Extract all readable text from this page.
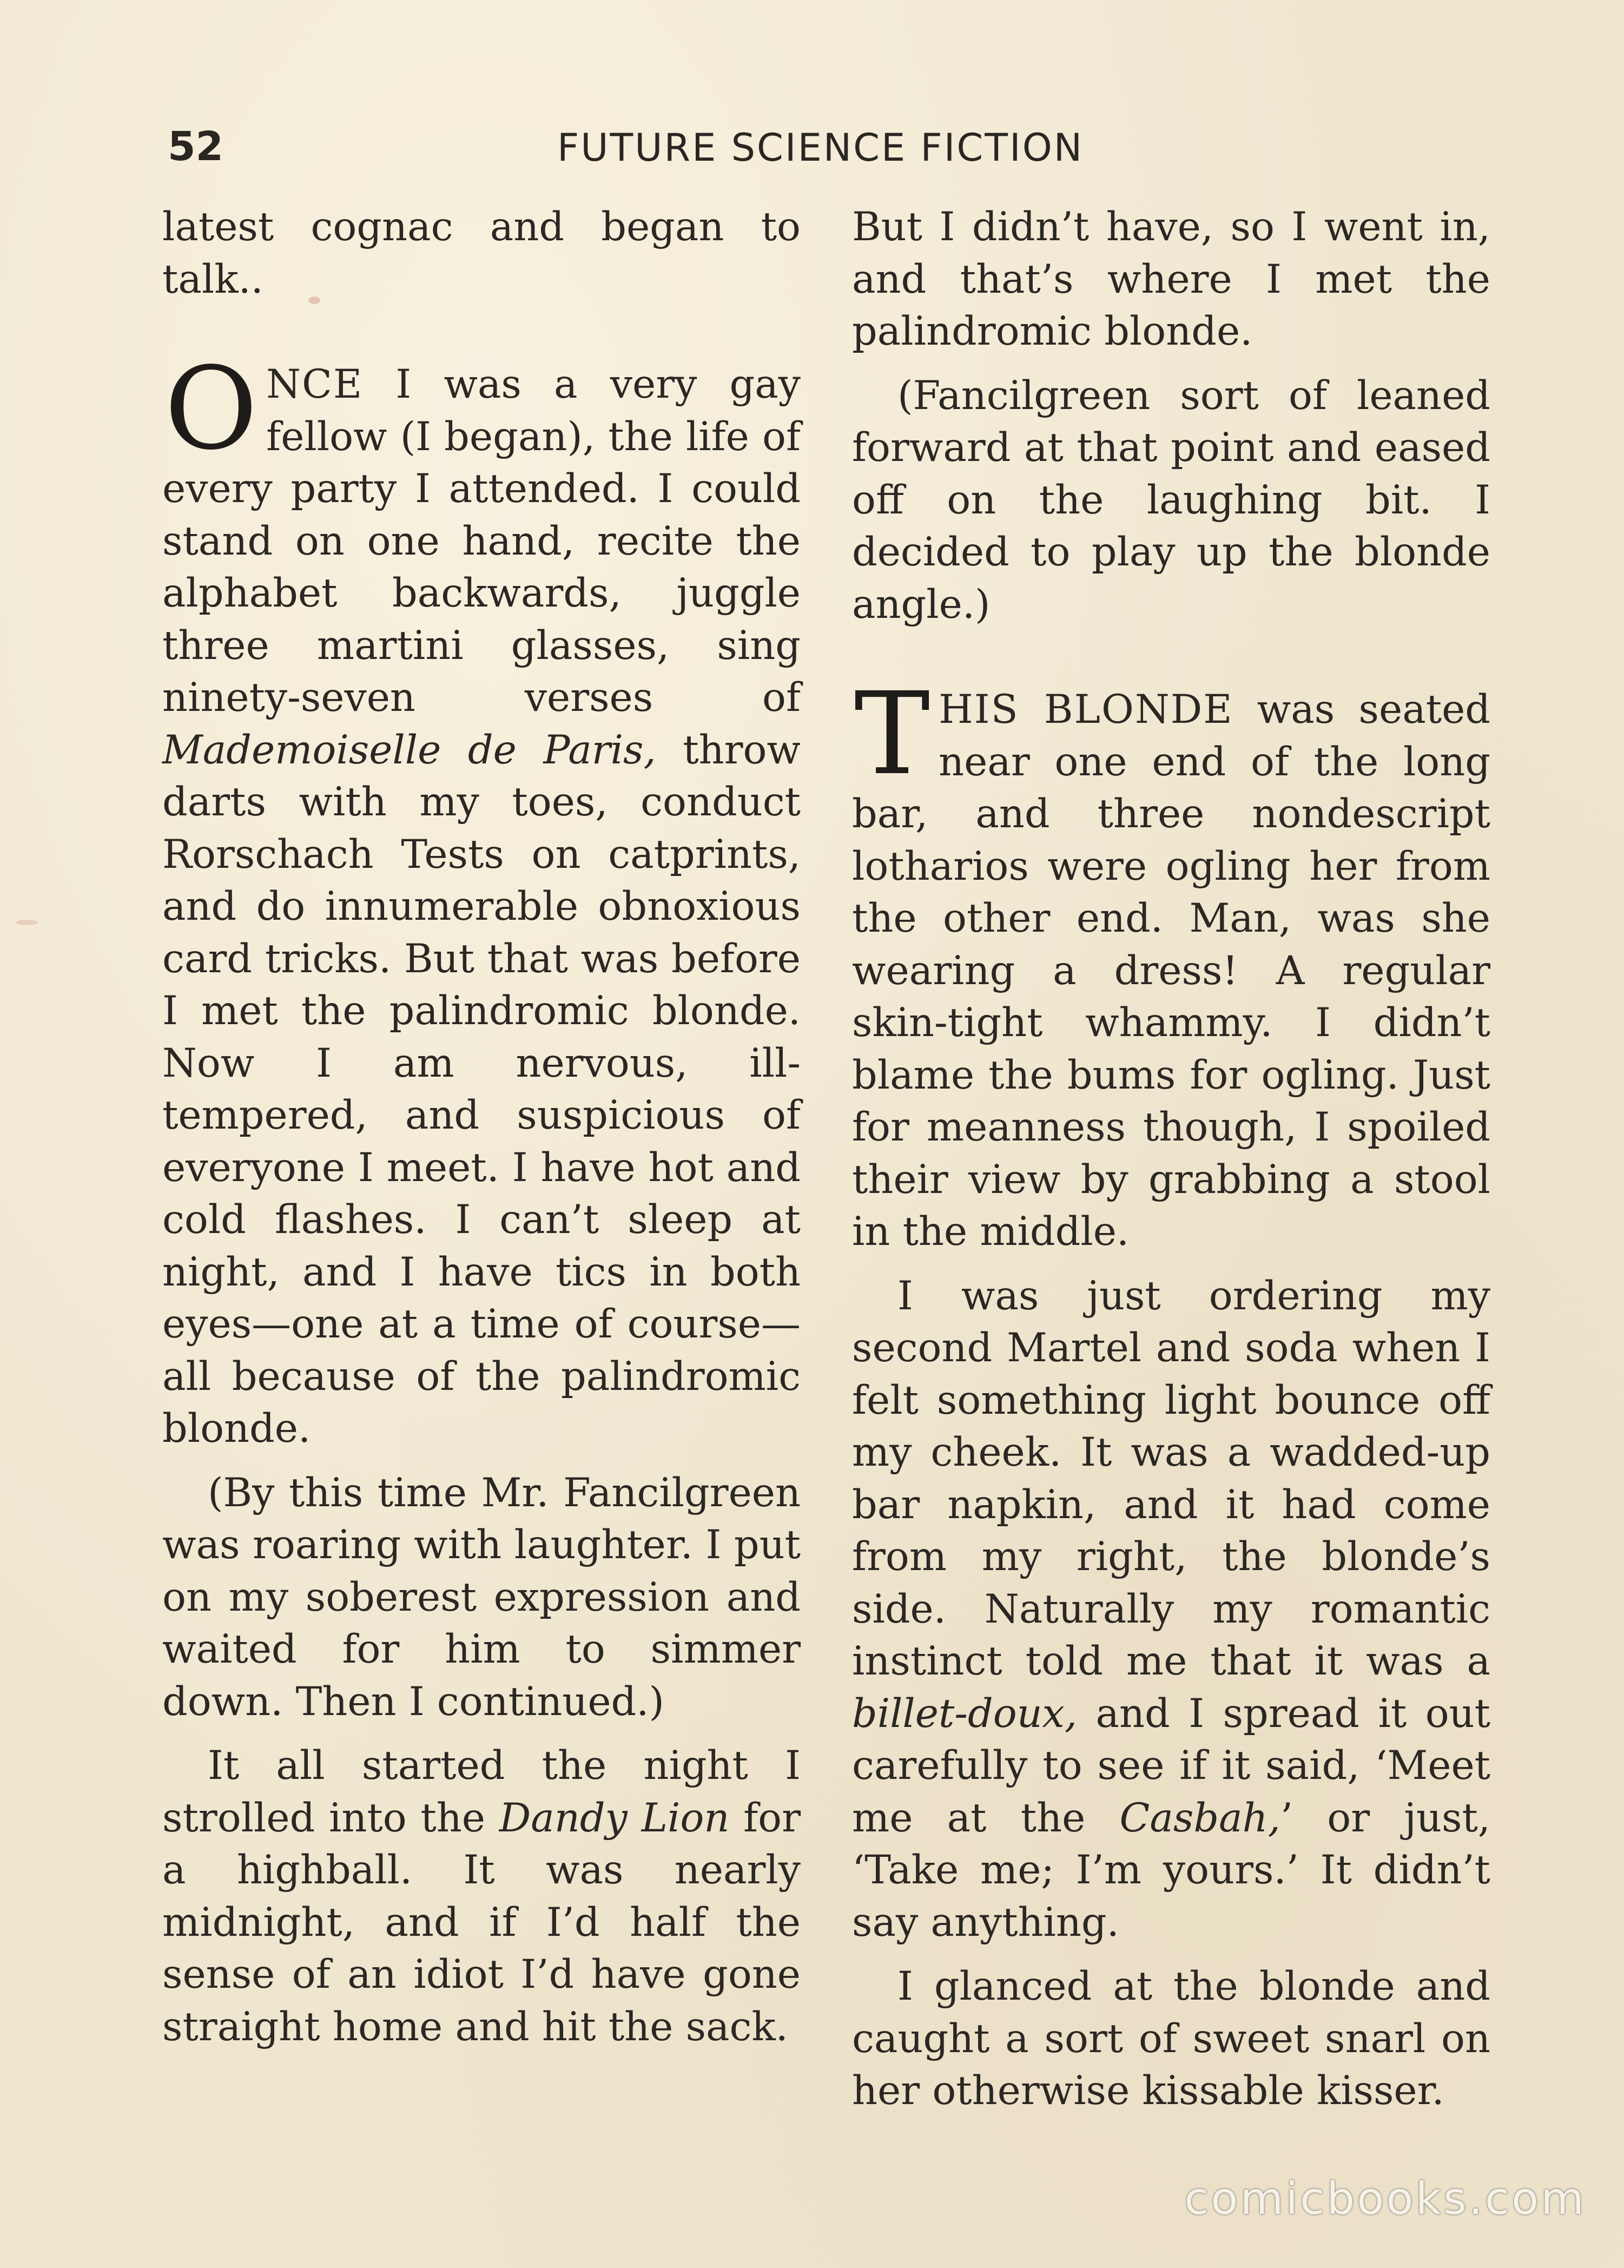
52	FUTURE SCIENCE FICTION

latest cognac and began to talk..

ONCE I was a very gay fellow (I began), the life of every party I attended. I could stand on one hand, recite the alphabet backwards, juggle three martini glasses, sing ninety-seven verses of Mademoiselle de Paris, throw darts with my toes, conduct Rorschach Tests on catprints, and do innumerable obnoxious card tricks. But that was before I met the palindromic blonde. Now I am nervous, ill-tempered, and suspicious of everyone I meet. I have hot and cold flashes. I can’t sleep at night, and I have tics in both eyes—one at a time of course—all because of the palindromic blonde.

(By this time Mr. Fancilgreen was roaring with laughter. I put on my soberest expression and waited for him to simmer down. Then I continued.)

It all started the night I strolled into the Dandy Lion for a highball. It was nearly midnight, and if I’d half the sense of an idiot I’d have gone straight home and hit the sack.

But I didn’t have, so I went in, and that’s where I met the palindromic blonde.

(Fancilgreen sort of leaned forward at that point and eased off on the laughing bit. I decided to play up the blonde angle.)

THIS BLONDE was seated near one end of the long bar, and three nondescript lotharios were ogling her from the other end. Man, was she wearing a dress! A regular skin-tight whammy. I didn’t blame the bums for ogling. Just for meanness though, I spoiled their view by grabbing a stool in the middle.

I was just ordering my second Martel and soda when I felt something light bounce off my cheek. It was a wadded-up bar napkin, and it had come from my right, the blonde’s side. Naturally my romantic instinct told me that it was a billet-doux, and I spread it out carefully to see if it said, ‘Meet me at the Casbah,’ or just, ‘Take me; I’m yours.’ It didn’t say anything.

I glanced at the blonde and caught a sort of sweet snarl on her otherwise kissable kisser.

comicbooks.com
